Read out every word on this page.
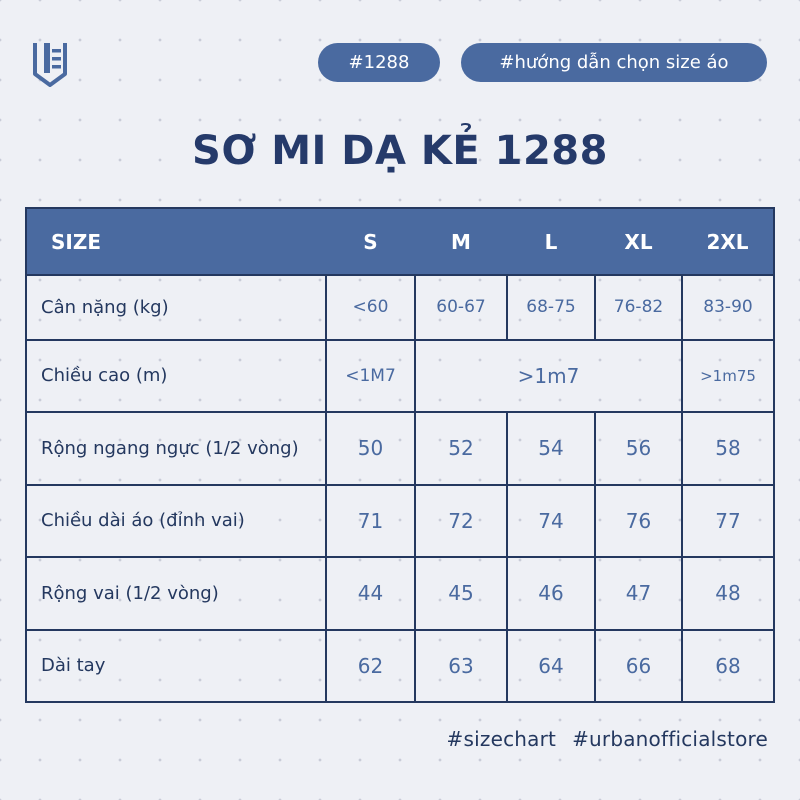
#1288	#hướng dẫn chọn size áo
SƠ MI DẠ KẺ 1288
SIZE	S	M	L	XL	2XL
Cân nặng (kg)	<60	60-67	68-75	76-82	83-90
Chiều cao (m)	<1M7	>1m7			>1m75
Rộng ngang ngực (1/2 vòng)	50	52	54	56	58
Chiều dài áo (đỉnh vai)	71	72	74	76	77
Rộng vai (1/2 vòng)	44	45	46	47	48
Dài tay	62	63	64	66	68
#sizechart #urbanofficialstore
